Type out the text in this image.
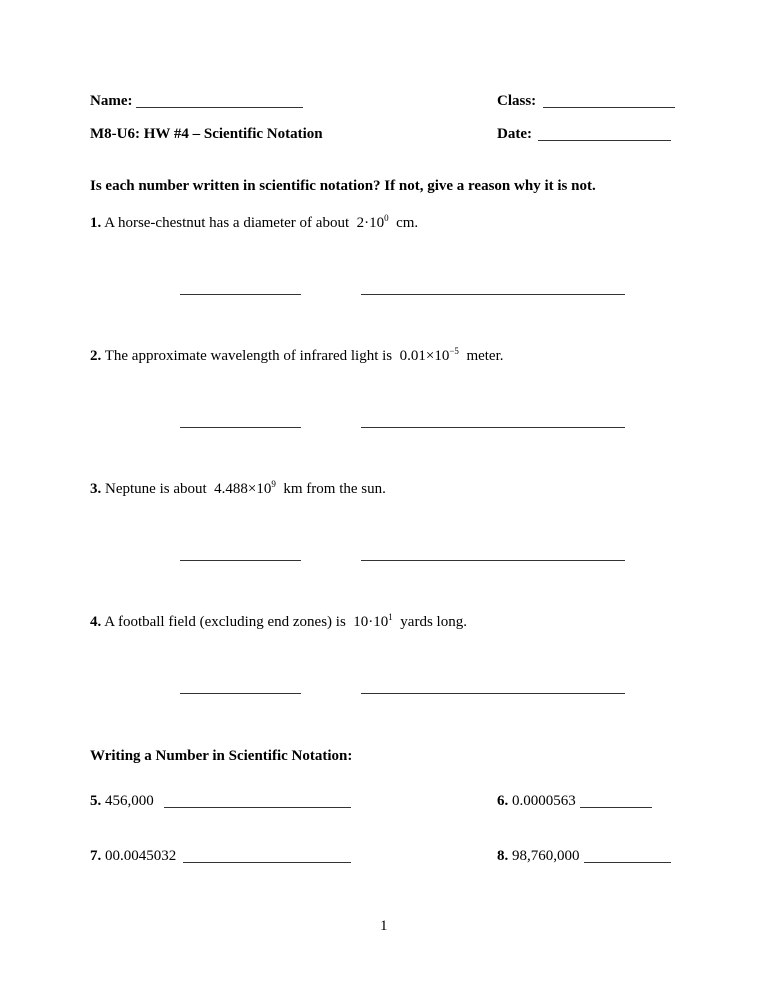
Name:	Class:
M8-U6: HW #4 – Scientific Notation	Date:
Is each number written in scientific notation? If not, give a reason why it is not.
1. A horse-chestnut has a diameter of about $2\cdot 10^0$ cm.
2. The approximate wavelength of infrared light is $0.01\times 10^{-5}$ meter.
3. Neptune is about $4.488\times 10^9$ km from the sun.
4. A football field (excluding end zones) is $10\cdot 10^1$ yards long.
Writing a Number in Scientific Notation:
5. 456,000	6. 0.0000563
7. 00.0045032	8. 98,760,000
1
